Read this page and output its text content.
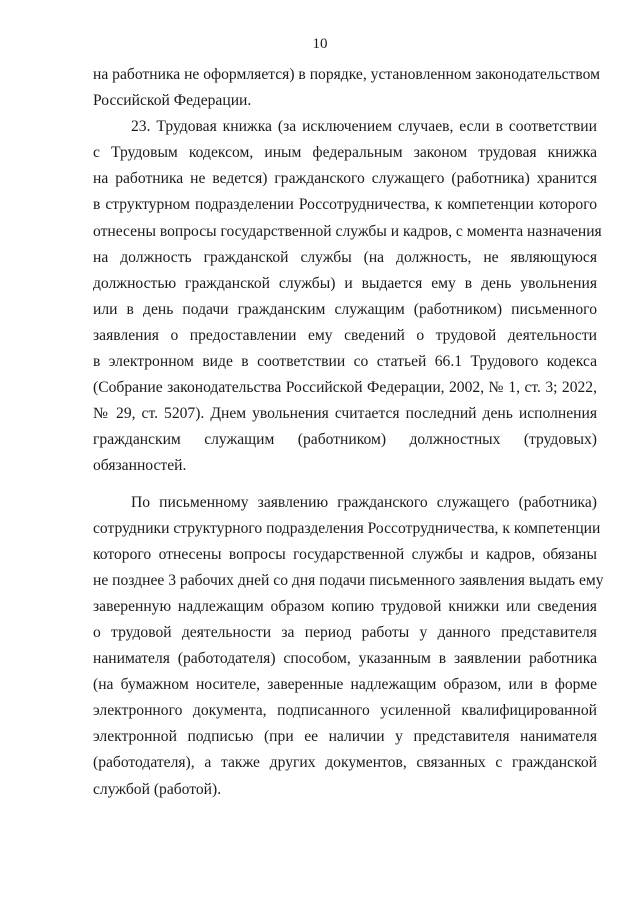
10
на работника не оформляется) в порядке, установленном законодательством
Российской Федерации.
23. Трудовая книжка (за исключением случаев, если в соответствии
с Трудовым кодексом, иным федеральным законом трудовая книжка
на работника не ведется) гражданского служащего (работника) хранится
в структурном подразделении Россотрудничества, к компетенции которого
отнесены вопросы государственной службы и кадров, с момента назначения
на должность гражданской службы (на должность, не являющуюся
должностью гражданской службы) и выдается ему в день увольнения
или в день подачи гражданским служащим (работником) письменного
заявления о предоставлении ему сведений о трудовой деятельности
в электронном виде в соответствии со статьей 66.1 Трудового кодекса
(Собрание законодательства Российской Федерации, 2002, № 1, ст. 3; 2022,
№ 29, ст. 5207). Днем увольнения считается последний день исполнения
гражданским служащим (работником) должностных (трудовых)
обязанностей.
По письменному заявлению гражданского служащего (работника)
сотрудники структурного подразделения Россотрудничества, к компетенции
которого отнесены вопросы государственной службы и кадров, обязаны
не позднее 3 рабочих дней со дня подачи письменного заявления выдать ему
заверенную надлежащим образом копию трудовой книжки или сведения
о трудовой деятельности за период работы у данного представителя
нанимателя (работодателя) способом, указанным в заявлении работника
(на бумажном носителе, заверенные надлежащим образом, или в форме
электронного документа, подписанного усиленной квалифицированной
электронной подписью (при ее наличии у представителя нанимателя
(работодателя), а также других документов, связанных с гражданской
службой (работой).
